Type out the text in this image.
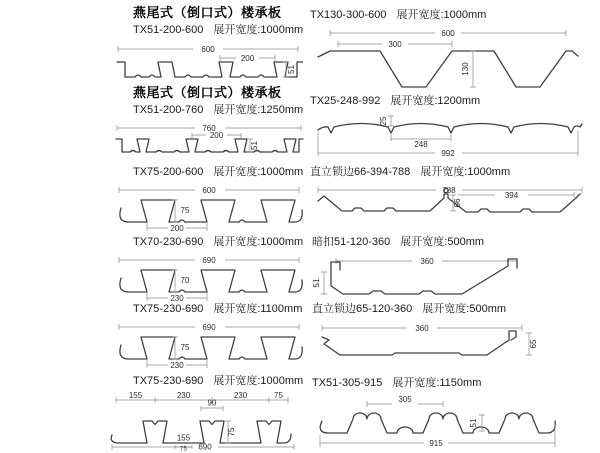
燕尾式（倒口式）楼承板
TX51-200-600 展开宽度:1000mm
600
200
51
燕尾式（倒口式）楼承板
TX51-200-760 展开宽度:1250mm
760
200
51
TX75-200-600 展开宽度:1000mm
600
75
200
TX70-230-690 展开宽度:1000mm
690
70
230
TX75-230-690 展开宽度:1100mm
690
75
230
TX75-230-690 展开宽度:1000mm
155	230	230	75
90
155
75
75 690
TX130-300-600 展开宽度:1000mm
600
300
130
TX25-248-992 展开宽度:1200mm
25
248
992
直立锁边66-394-788 展开宽度:1000mm
788
394
66
暗扣51-120-360 展开宽度:500mm
360
51
直立锁边65-120-360 展开宽度:500mm
360
65
TX51-305-915 展开宽度:1150mm
305
51
915
